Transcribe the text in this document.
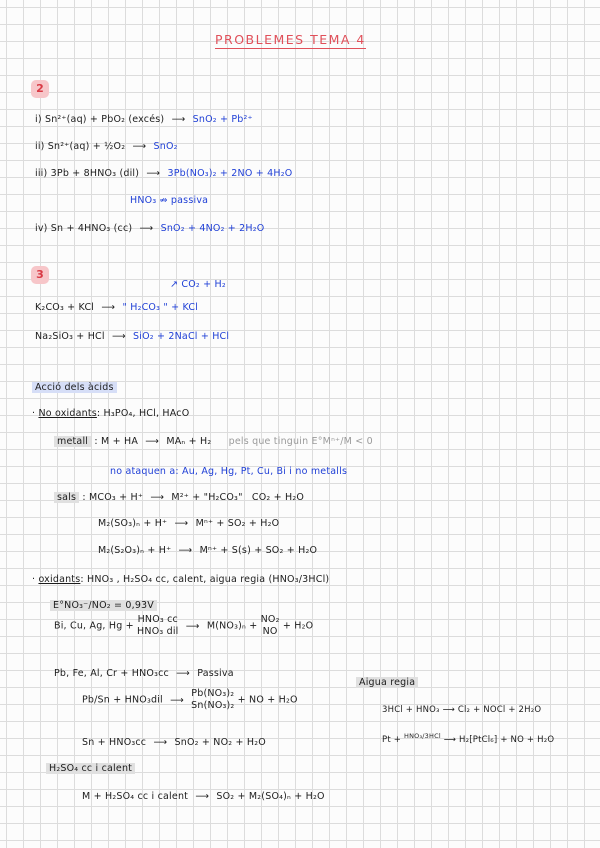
PROBLEMES TEMA 4
2
i) Sn²⁺(aq) + PbO₂ (excés) ⟶ SnO₂ + Pb²⁺
ii) Sn²⁺(aq) + ½O₂ ⟶ SnO₂
iii) 3Pb + 8HNO₃ (dil) ⟶ 3Pb(NO₃)₂ + 2NO + 4H₂O
HNO₃ ⇏ passiva
iv) Sn + 4HNO₃ (cc) ⟶ SnO₂ + 4NO₂ + 2H₂O
3
↗ CO₂ + H₂
K₂CO₃ + KCl ⟶ " H₂CO₃ " + KCl
Na₂SiO₃ + HCl ⟶ SiO₂ + 2NaCl + HCl
Acció dels àcids
· No oxidants: H₃PO₄, HCl, HAcO
metall : M + HA ⟶ MAₙ + H₂ pels que tinguin E°Mⁿ⁺/M < 0
no ataquen a: Au, Ag, Hg, Pt, Cu, Bi i no metalls
sals : MCO₃ + H⁺ ⟶ M²⁺ + "H₂CO₃" CO₂ + H₂O
M₂(SO₃)ₙ + H⁺ ⟶ Mⁿ⁺ + SO₂ + H₂O
M₂(S₂O₃)ₙ + H⁺ ⟶ Mⁿ⁺ + S(s) + SO₂ + H₂O
· oxidants: HNO₃ , H₂SO₄ cc, calent, aigua regia (HNO₃/3HCl)
E°NO₃⁻/NO₂ = 0,93V
Bi, Cu, Ag, Hg +
HNO₃ cc
HNO₃ dil ⟶ M(NO₃)ₙ +
NO₂
NO + H₂O
Pb, Fe, Al, Cr + HNO₃cc ⟶ Passiva
Pb/Sn + HNO₃dil ⟶
Pb(NO₃)₂
Sn(NO₃)₂ + NO + H₂O
Sn + HNO₃cc ⟶ SnO₂ + NO₂ + H₂O
H₂SO₄ cc i calent
M + H₂SO₄ cc i calent ⟶ SO₂ + M₂(SO₄)ₙ + H₂O
Aigua regia
3HCl + HNO₃ ⟶ Cl₂ + NOCl + 2H₂O
Pt + $^{HNO_3/3HCl}$ ⟶ H₂[PtCl₆] + NO + H₂O
